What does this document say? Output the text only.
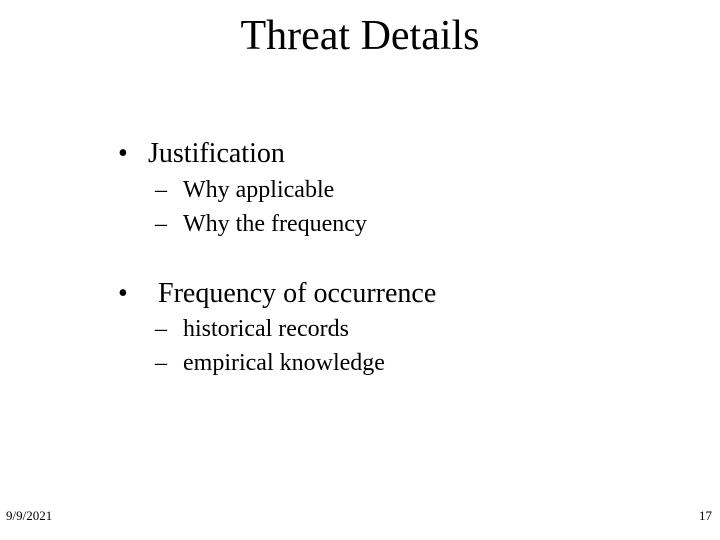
Threat Details
• Justification
– Why applicable
– Why the frequency
•	Frequency of occurrence
– historical records
– empirical knowledge
9/9/2021	17
